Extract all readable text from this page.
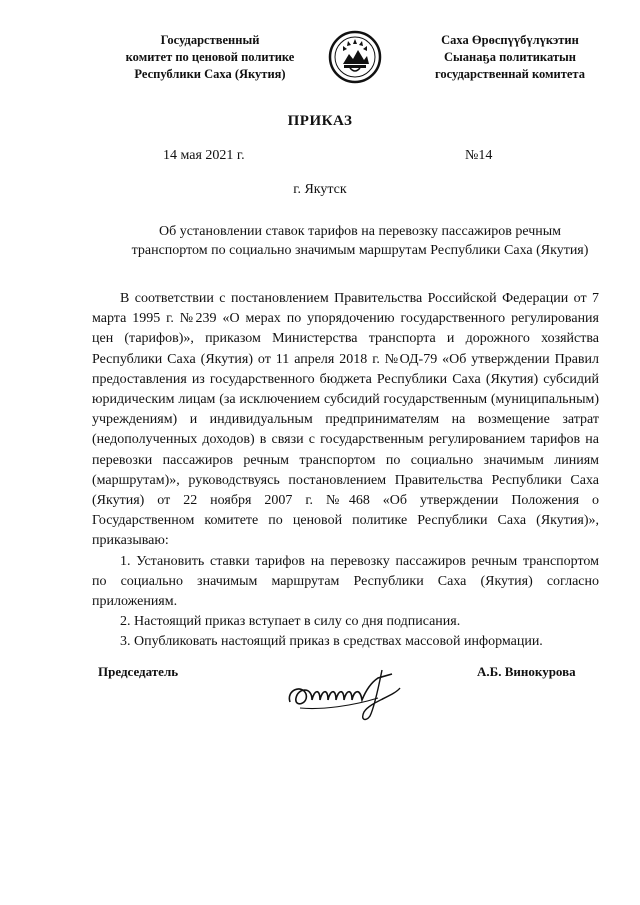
Государственный
комитет по ценовой политике
Республики Саха (Якутия)
Саха Өрөспүүбүлүкэтин
Сыанаҕа политикатын
государственнай комитета
ПРИКАЗ
14 мая 2021 г.	№14
г. Якутск
Об установлении ставок тарифов на перевозку пассажиров речным транспортом по социально значимым маршрутам Республики Саха (Якутия)

В соответствии с постановлением Правительства Российской Федерации от 7 марта 1995 г. №239 «О мерах по упорядочению государственного регулирования цен (тарифов)», приказом Министерства транспорта и дорожного хозяйства Республики Саха (Якутия) от 11 апреля 2018 г. №ОД-79 «Об утверждении Правил предоставления из государственного бюджета Республики Саха (Якутия) субсидий юридическим лицам (за исключением субсидий государственным (муниципальным) учреждениям) и индивидуальным предпринимателям на возмещение затрат (недополученных доходов) в связи с государственным регулированием тарифов на перевозки пассажиров речным транспортом по социально значимым линиям (маршрутам)», руководствуясь постановлением Правительства Республики Саха (Якутия) от 22 ноября 2007 г. №468 «Об утверждении Положения о Государственном комитете по ценовой политике Республики Саха (Якутия)», приказываю:

1. Установить ставки тарифов на перевозку пассажиров речным транспортом по социально значимым маршрутам Республики Саха (Якутия) согласно приложениям.

2. Настоящий приказ вступает в силу со дня подписания.

3. Опубликовать настоящий приказ в средствах массовой информации.

Председатель	А.Б. Винокурова
